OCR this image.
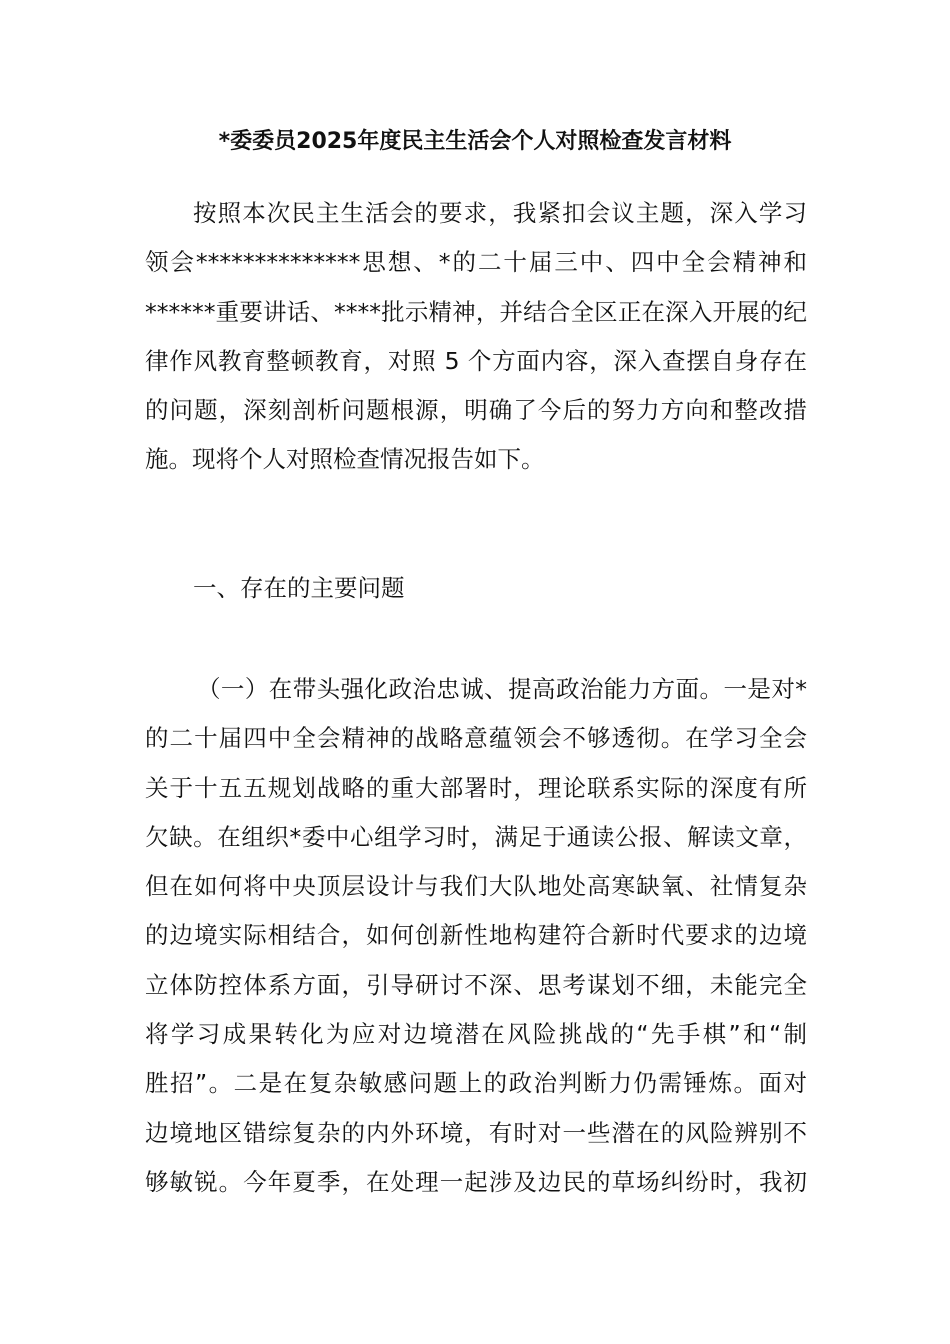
*委委员2025年度民主生活会个人对照检查发言材料
按照本次民主生活会的要求，我紧扣会议主题，深入学习
领会**************思想、*的二十届三中、四中全会精神和
******重要讲话、****批示精神，并结合全区正在深入开展的纪
律作风教育整顿教育，对照 5 个方面内容，深入查摆自身存在
的问题，深刻剖析问题根源，明确了今后的努力方向和整改措
施。现将个人对照检查情况报告如下。
一、存在的主要问题
（一）在带头强化政治忠诚、提高政治能力方面。一是对*
的二十届四中全会精神的战略意蕴领会不够透彻。在学习全会
关于十五五规划战略的重大部署时，理论联系实际的深度有所
欠缺。在组织*委中心组学习时，满足于通读公报、解读文章，
但在如何将中央顶层设计与我们大队地处高寒缺氧、社情复杂
的边境实际相结合，如何创新性地构建符合新时代要求的边境
立体防控体系方面，引导研讨不深、思考谋划不细，未能完全
将学习成果转化为应对边境潜在风险挑战的“先手棋”和“制
胜招”。二是在复杂敏感问题上的政治判断力仍需锤炼。面对
边境地区错综复杂的内外环境，有时对一些潜在的风险辨别不
够敏锐。今年夏季，在处理一起涉及边民的草场纠纷时，我初
